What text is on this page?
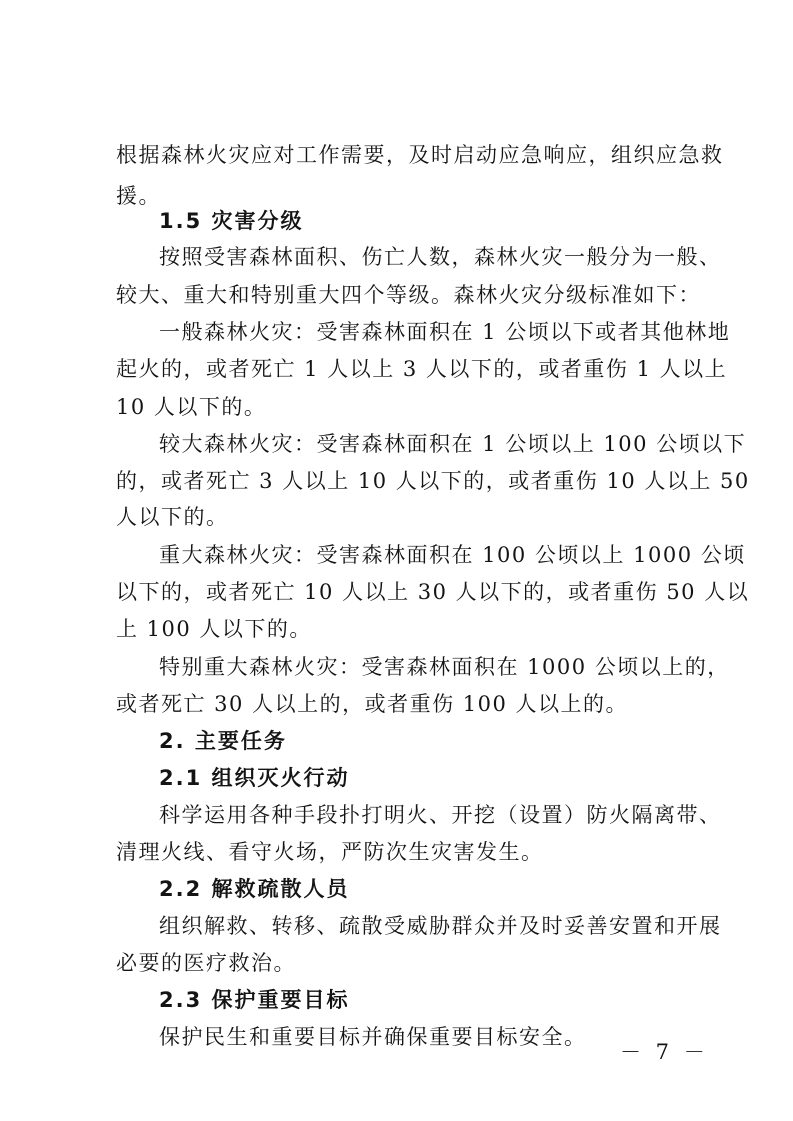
根据森林火灾应对工作需要，及时启动应急响应，组织应急救
援。
1.5 灾害分级
按照受害森林面积、伤亡人数，森林火灾一般分为一般、
较大、重大和特别重大四个等级。森林火灾分级标准如下：
一般森林火灾：受害森林面积在 1 公顷以下或者其他林地
起火的，或者死亡 1 人以上 3 人以下的，或者重伤 1 人以上
10 人以下的。
较大森林火灾：受害森林面积在 1 公顷以上 100 公顷以下
的，或者死亡 3 人以上 10 人以下的，或者重伤 10 人以上 50
人以下的。
重大森林火灾：受害森林面积在 100 公顷以上 1000 公顷
以下的，或者死亡 10 人以上 30 人以下的，或者重伤 50 人以
上 100 人以下的。
特别重大森林火灾：受害森林面积在 1000 公顷以上的，
或者死亡 30 人以上的，或者重伤 100 人以上的。
2. 主要任务
2.1 组织灭火行动
科学运用各种手段扑打明火、开挖（设置）防火隔离带、
清理火线、看守火场，严防次生灾害发生。
2.2 解救疏散人员
组织解救、转移、疏散受威胁群众并及时妥善安置和开展
必要的医疗救治。
2.3 保护重要目标
保护民生和重要目标并确保重要目标安全。
－ 7 －
